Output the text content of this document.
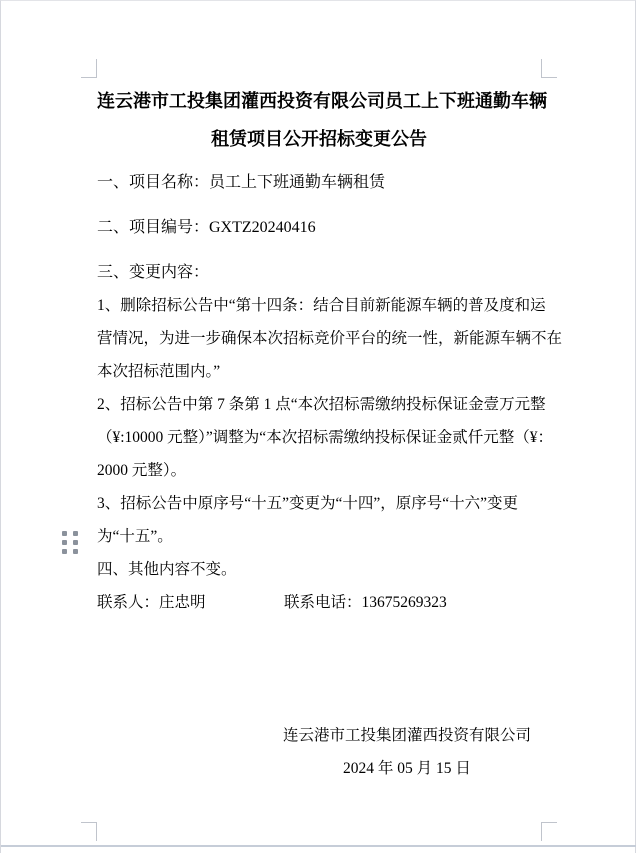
连云港市工投集团灌西投资有限公司员工上下班通勤车辆
租赁项目公开招标变更公告
一、项目名称：员工上下班通勤车辆租赁
二、项目编号：GXTZ20240416
三、变更内容：
1、删除招标公告中“第十四条：结合目前新能源车辆的普及度和运
营情况，为进一步确保本次招标竞价平台的统一性，新能源车辆不在
本次招标范围内。”
2、招标公告中第 7 条第 1 点“本次招标需缴纳投标保证金壹万元整
（¥:10000 元整）”调整为“本次招标需缴纳投标保证金贰仟元整（¥：
2000 元整）。
3、招标公告中原序号“十五”变更为“十四”，原序号“十六”变更
为“十五”。
四、其他内容不变。
联系人：庄忠明	联系电话：13675269323
连云港市工投集团灌西投资有限公司
2024 年 05 月 15 日
